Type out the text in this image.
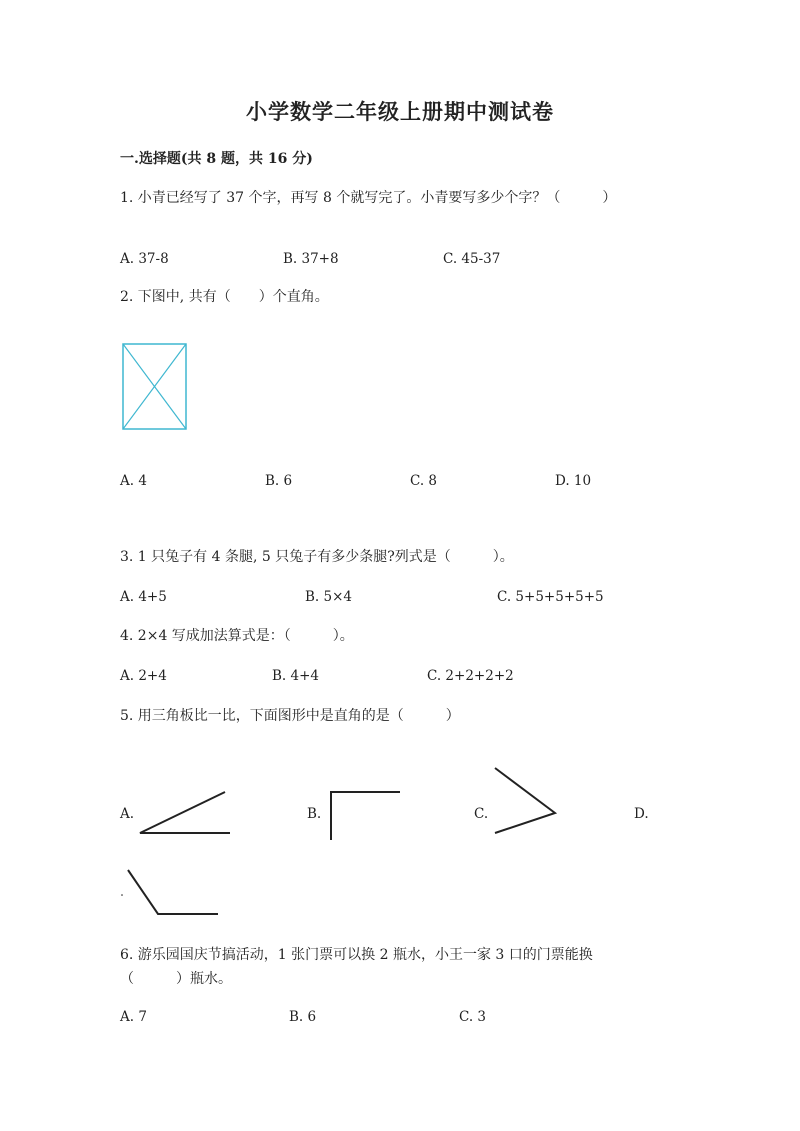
小学数学二年级上册期中测试卷
一.选择题(共 8 题，共 16 分)
1. 小青已经写了 37 个字，再写 8 个就写完了。小青要写多少个字？（　　　）
A. 37-8	B. 37+8	C. 45-37
2. 下图中, 共有（　　）个直角。
A. 4	B. 6	C. 8	D. 10
3. 1 只兔子有 4 条腿, 5 只兔子有多少条腿?列式是（　　　）。
A. 4+5	B. 5×4	C. 5+5+5+5+5
4. 2×4 写成加法算式是：（　　　）。
A. 2+4	B. 4+4	C. 2+2+2+2
5. 用三角板比一比，下面图形中是直角的是（　　　）
A.	B.	C.	D.
6. 游乐园国庆节搞活动，1 张门票可以换 2 瓶水，小王一家 3 口的门票能换
（　　　）瓶水。
A. 7	B. 6	C. 3
